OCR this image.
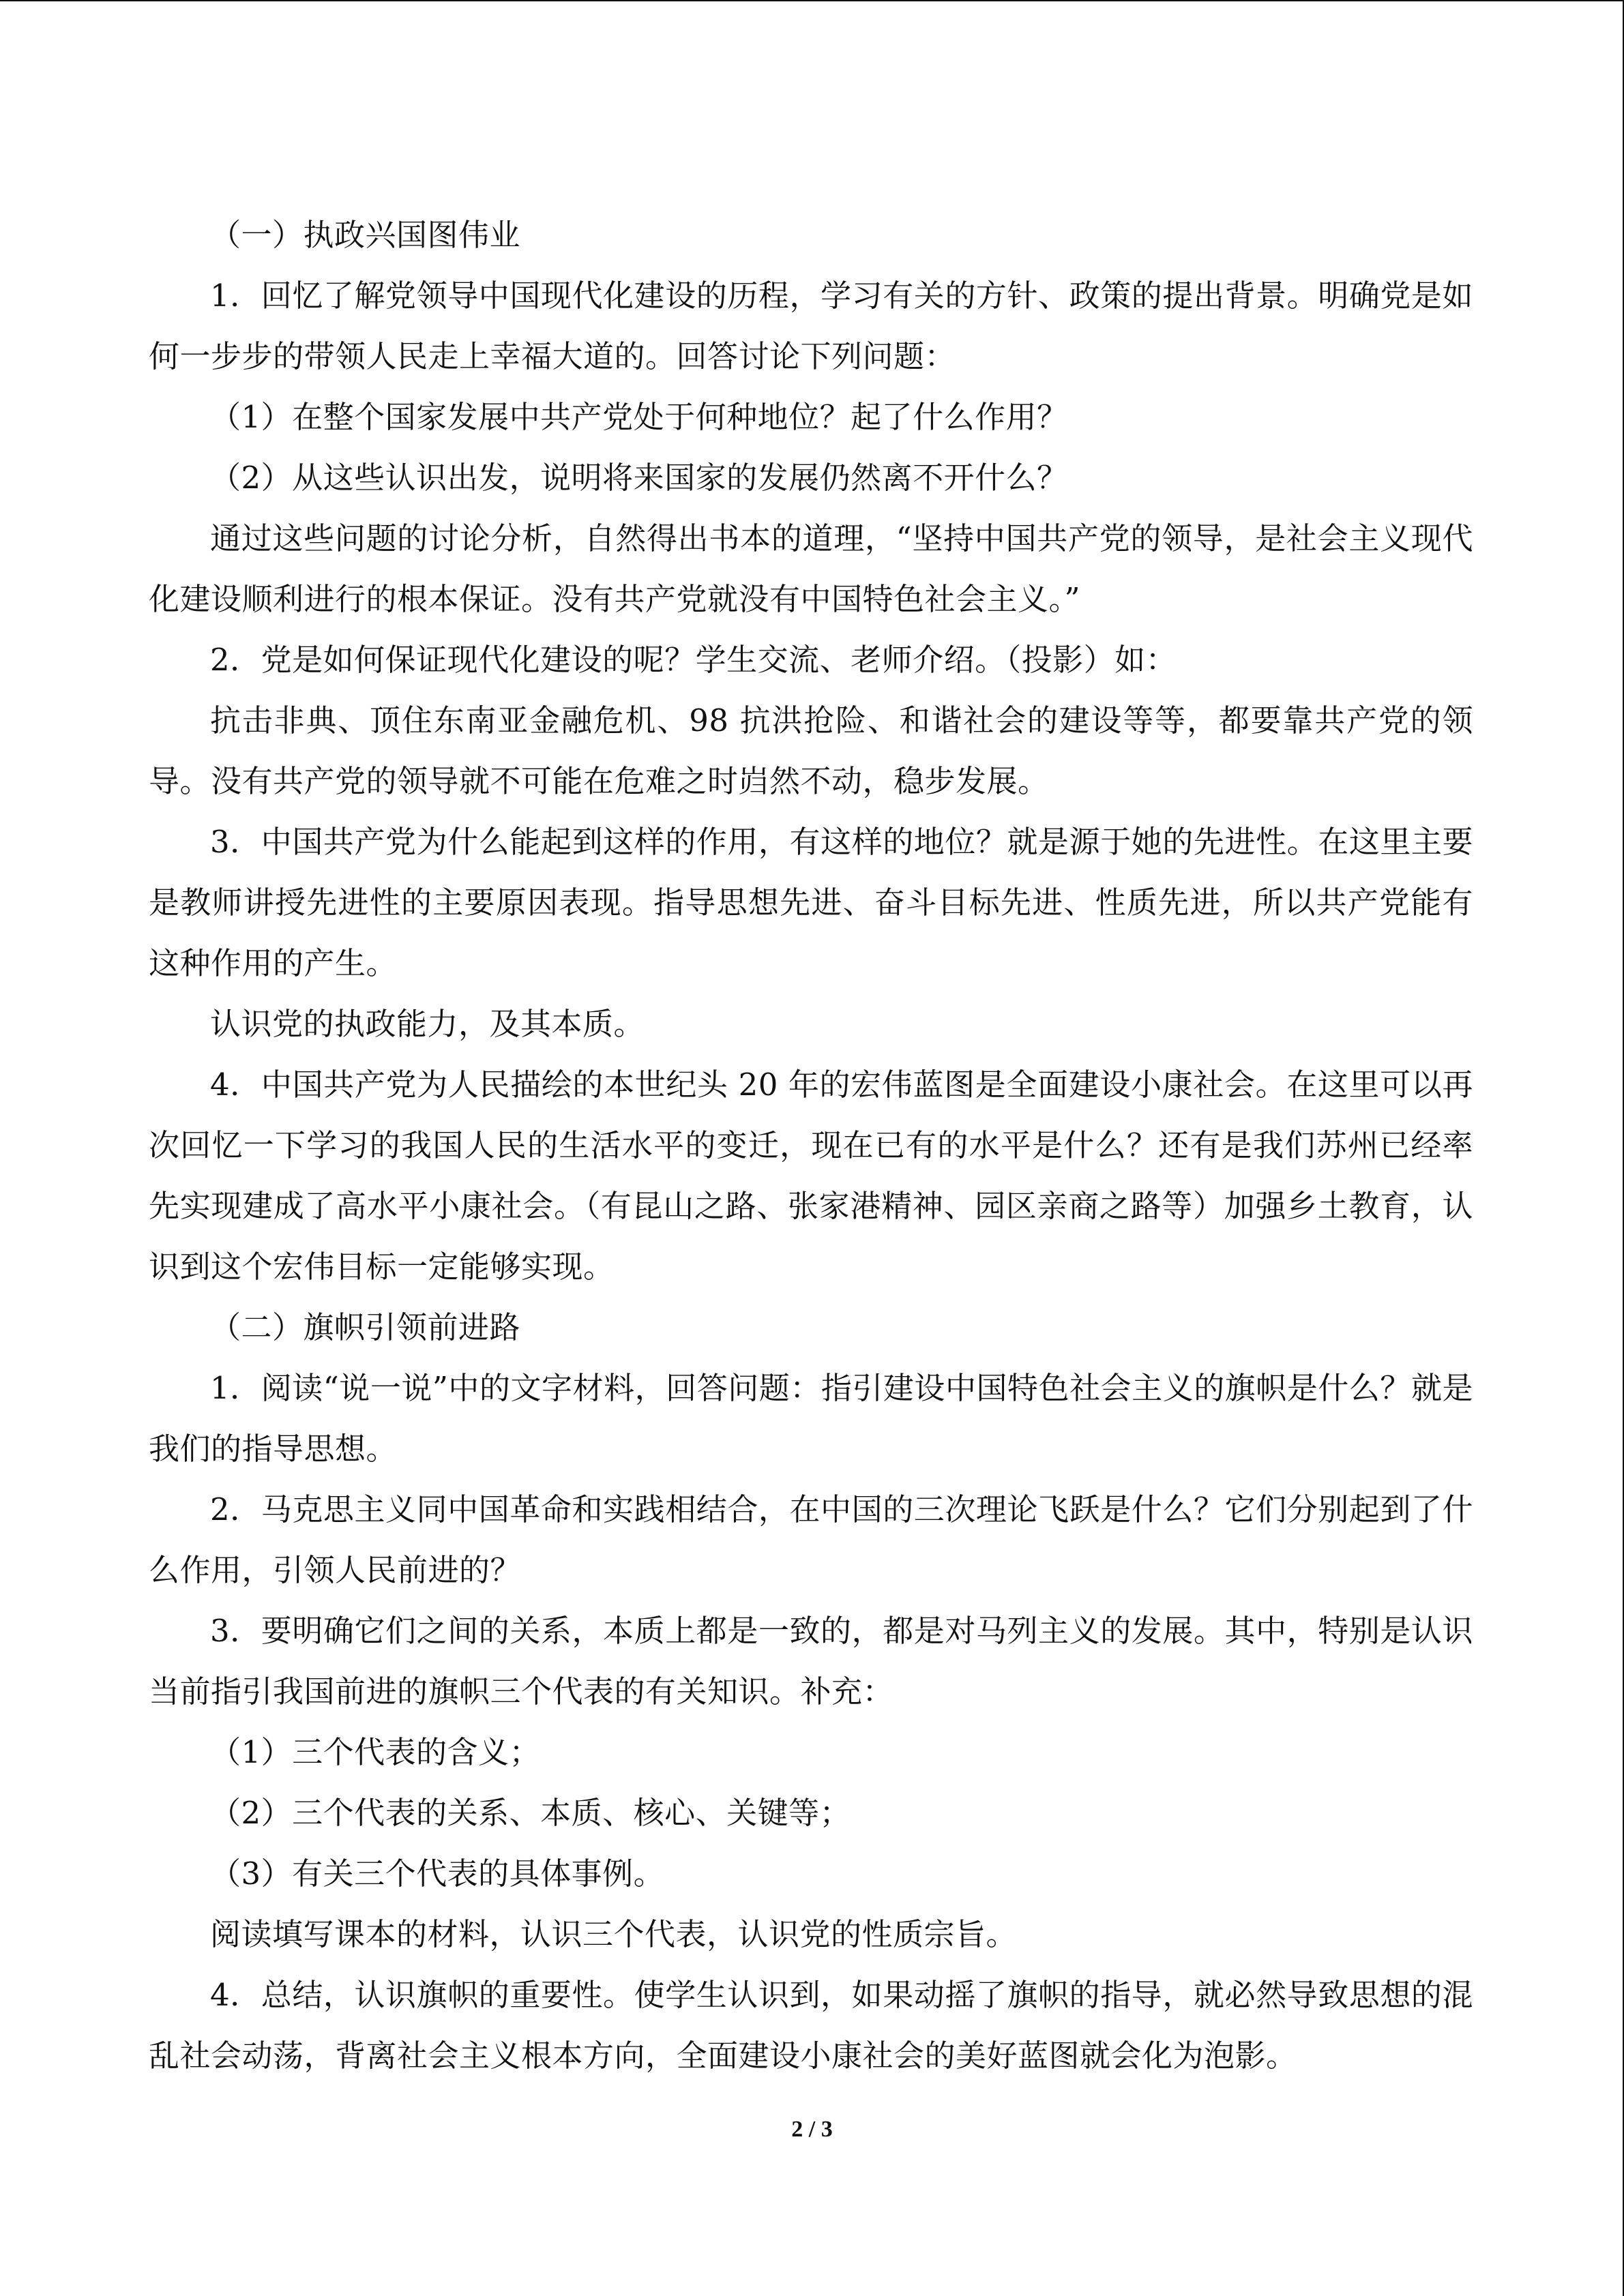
（一）执政兴国图伟业

1．回忆了解党领导中国现代化建设的历程，学习有关的方针、政策的提出背景。明确党是如何一步步的带领人民走上幸福大道的。回答讨论下列问题：

（1）在整个国家发展中共产党处于何种地位？起了什么作用？

（2）从这些认识出发，说明将来国家的发展仍然离不开什么？

通过这些问题的讨论分析，自然得出书本的道理，“坚持中国共产党的领导，是社会主义现代化建设顺利进行的根本保证。没有共产党就没有中国特色社会主义。”

2．党是如何保证现代化建设的呢？学生交流、老师介绍。（投影）如：

抗击非典、顶住东南亚金融危机、98 抗洪抢险、和谐社会的建设等等，都要靠共产党的领导。没有共产党的领导就不可能在危难之时岿然不动，稳步发展。

3．中国共产党为什么能起到这样的作用，有这样的地位？就是源于她的先进性。在这里主要是教师讲授先进性的主要原因表现。指导思想先进、奋斗目标先进、性质先进，所以共产党能有这种作用的产生。

认识党的执政能力，及其本质。

4．中国共产党为人民描绘的本世纪头 20 年的宏伟蓝图是全面建设小康社会。在这里可以再次回忆一下学习的我国人民的生活水平的变迁，现在已有的水平是什么？还有是我们苏州已经率先实现建成了高水平小康社会。（有昆山之路、张家港精神、园区亲商之路等）加强乡土教育，认识到这个宏伟目标一定能够实现。

（二）旗帜引领前进路

1．阅读“说一说”中的文字材料，回答问题：指引建设中国特色社会主义的旗帜是什么？就是我们的指导思想。

2．马克思主义同中国革命和实践相结合，在中国的三次理论飞跃是什么？它们分别起到了什么作用，引领人民前进的？

3．要明确它们之间的关系，本质上都是一致的，都是对马列主义的发展。其中，特别是认识当前指引我国前进的旗帜三个代表的有关知识。补充：

（1）三个代表的含义；

（2）三个代表的关系、本质、核心、关键等；

（3）有关三个代表的具体事例。

阅读填写课本的材料，认识三个代表，认识党的性质宗旨。

4．总结，认识旗帜的重要性。使学生认识到，如果动摇了旗帜的指导，就必然导致思想的混乱社会动荡，背离社会主义根本方向，全面建设小康社会的美好蓝图就会化为泡影。

2 / 3
